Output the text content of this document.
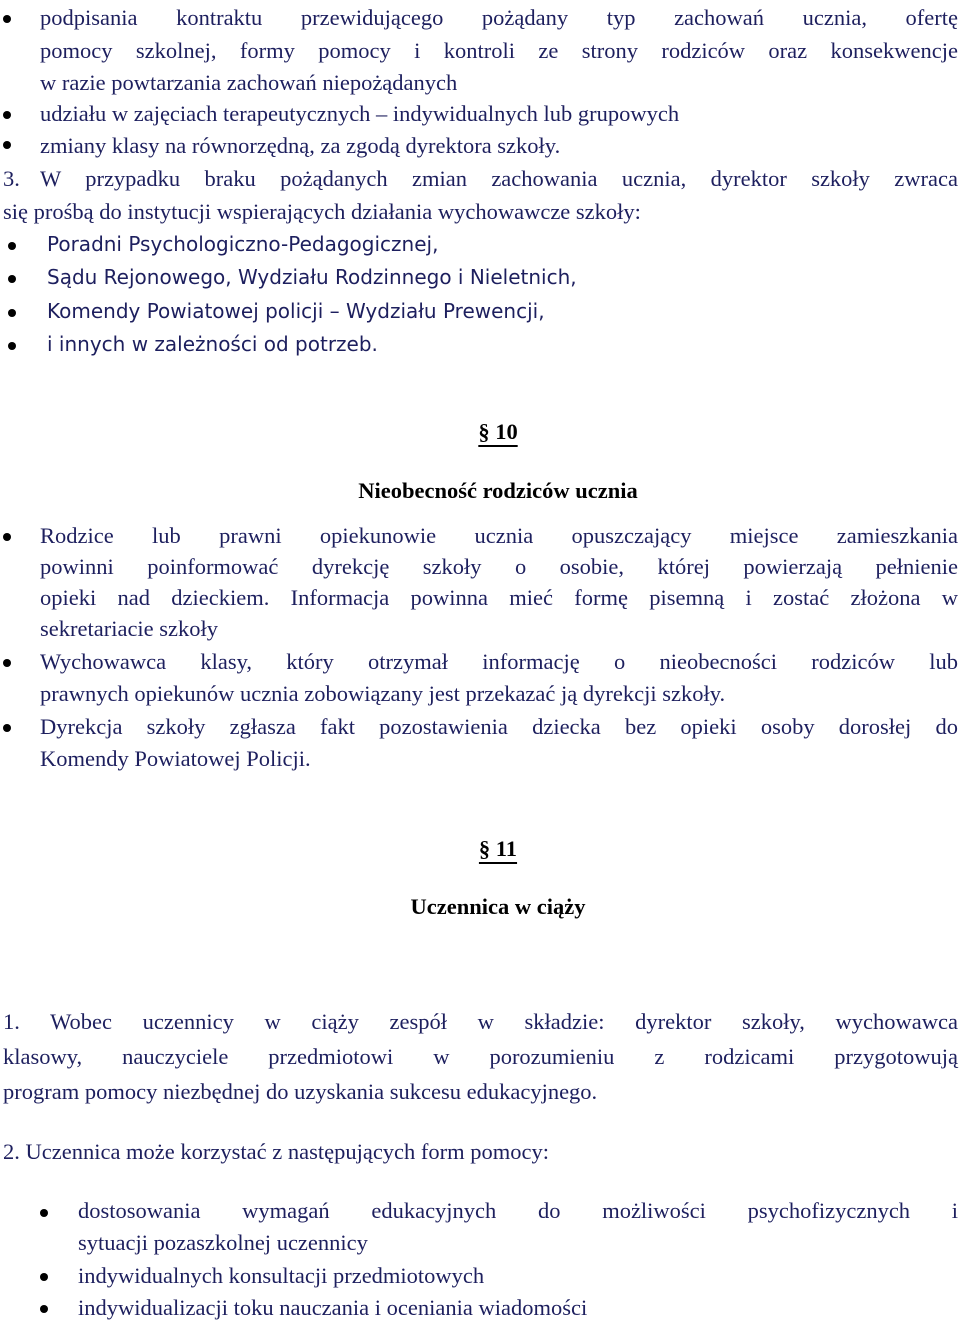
podpisania kontraktu przewidującego pożądany typ zachowań ucznia, ofertę
pomocy szkolnej, formy pomocy i kontroli ze strony rodziców oraz konsekwencje
w razie powtarzania zachowań niepożądanych
udziału w zajęciach terapeutycznych – indywidualnych lub grupowych
zmiany klasy na równorzędną, za zgodą dyrektora szkoły.
3. W przypadku braku pożądanych zmian zachowania ucznia, dyrektor szkoły zwraca
się prośbą do instytucji wspierających działania wychowawcze szkoły:
Poradni Psychologiczno-Pedagogicznej,
Sądu Rejonowego, Wydziału Rodzinnego i Nieletnich,
Komendy Powiatowej policji – Wydziału Prewencji,
i innych w zależności od potrzeb.
§ 10
Nieobecność rodziców ucznia
Rodzice lub prawni opiekunowie ucznia opuszczający miejsce zamieszkania
powinni poinformować dyrekcję szkoły o osobie, której powierzają pełnienie
opieki nad dzieckiem. Informacja powinna mieć formę pisemną i zostać złożona w
sekretariacie szkoły
Wychowawca klasy, który otrzymał informację o nieobecności rodziców lub
prawnych opiekunów ucznia zobowiązany jest przekazać ją dyrekcji szkoły.
Dyrekcja szkoły zgłasza fakt pozostawienia dziecka bez opieki osoby dorosłej do
Komendy Powiatowej Policji.
§ 11
Uczennica w ciąży
1. Wobec uczennicy w ciąży zespół w składzie: dyrektor szkoły, wychowawca
klasowy, nauczyciele przedmiotowi w porozumieniu z rodzicami przygotowują
program pomocy niezbędnej do uzyskania sukcesu edukacyjnego.
2. Uczennica może korzystać z następujących form pomocy:
dostosowania wymagań edukacyjnych do możliwości psychofizycznych i
sytuacji pozaszkolnej uczennicy
indywidualnych konsultacji przedmiotowych
indywidualizacji toku nauczania i oceniania wiadomości
